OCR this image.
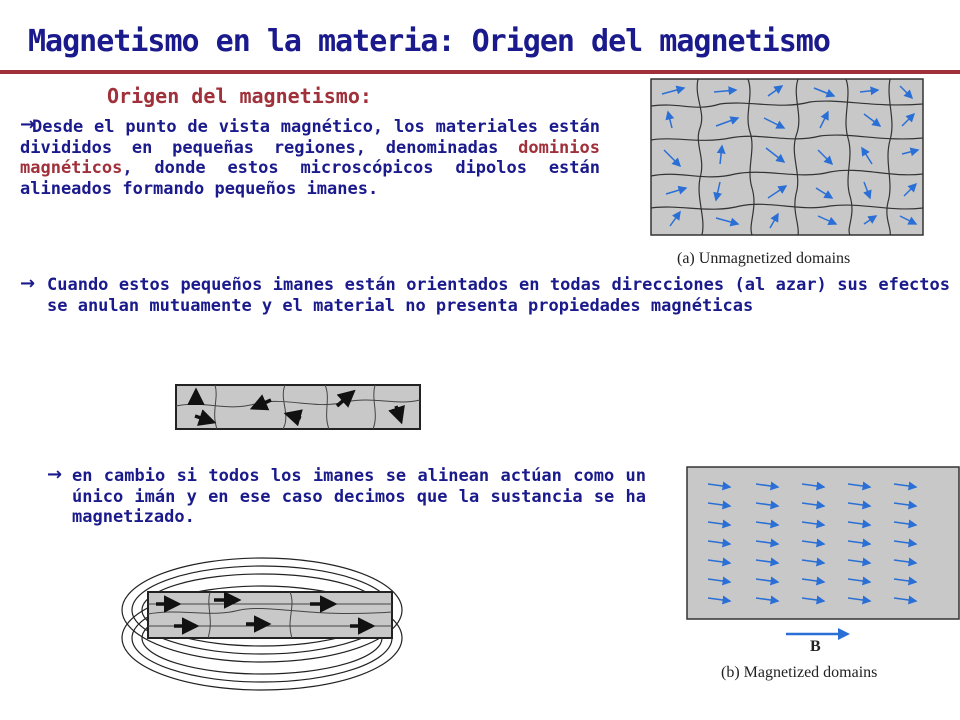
Magnetismo en la materia: Origen del magnetismo
Origen del magnetismo:
→

Desde el punto de vista magnético, los materiales están divididos en pequeñas regiones, denominadas dominios magnéticos, donde estos microscópicos dipolos están alineados formando pequeños imanes.

(a) Unmagnetized domains
→ Cuando estos pequeños imanes están orientados en todas direcciones (al azar) sus efectos se anulan mutuamente y el material no presenta propiedades magnéticas

→ en cambio si todos los imanes se alinean actúan como un único imán y en ese caso decimos que la sustancia se ha magnetizado.

B
(b) Magnetized domains
